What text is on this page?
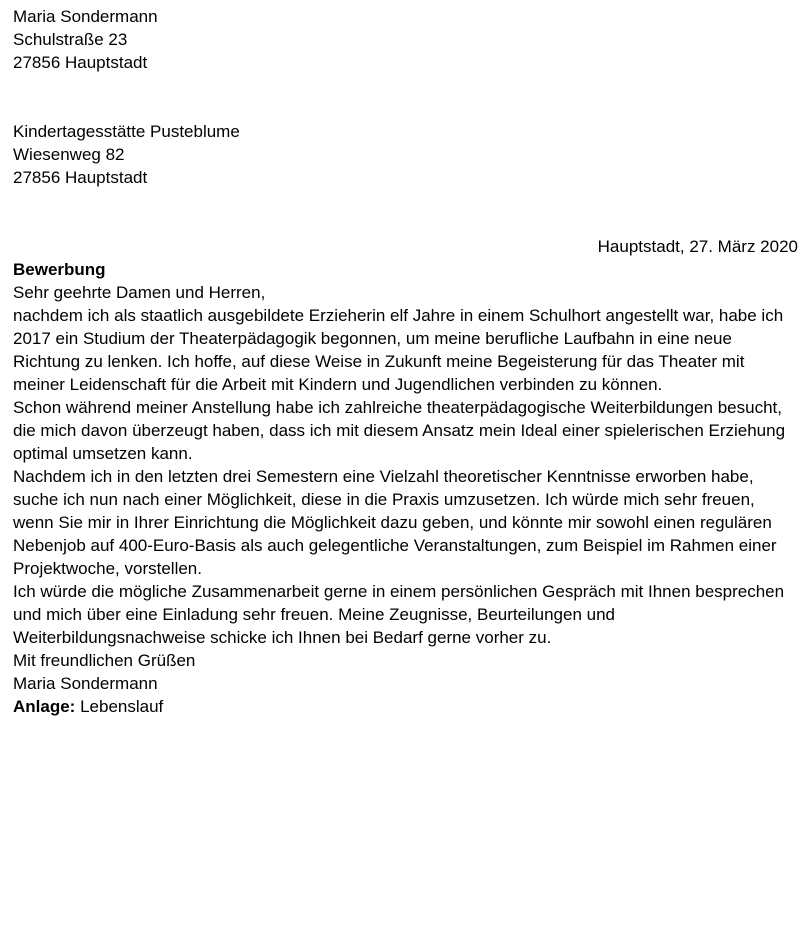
Maria Sondermann
Schulstraße 23
27856 Hauptstadt
Kindertagesstätte Pusteblume
Wiesenweg 82
27856 Hauptstadt

Hauptstadt, 27. März 2020

Bewerbung

Sehr geehrte Damen und Herren,

nachdem ich als staatlich ausgebildete Erzieherin elf Jahre in einem Schulhort angestellt war, habe ich 2017 ein Studium der Theaterpädagogik begonnen, um meine berufliche Laufbahn in eine neue Richtung zu lenken. Ich hoffe, auf diese Weise in Zukunft meine Begeisterung für das Theater mit meiner Leidenschaft für die Arbeit mit Kindern und Jugendlichen verbinden zu können.

Schon während meiner Anstellung habe ich zahlreiche theaterpädagogische Weiterbildungen besucht, die mich davon überzeugt haben, dass ich mit diesem Ansatz mein Ideal einer spielerischen Erziehung optimal umsetzen kann.

Nachdem ich in den letzten drei Semestern eine Vielzahl theoretischer Kenntnisse erworben habe, suche ich nun nach einer Möglichkeit, diese in die Praxis umzusetzen. Ich würde mich sehr freuen, wenn Sie mir in Ihrer Einrichtung die Möglichkeit dazu geben, und könnte mir sowohl einen regulären Nebenjob auf 400-Euro-Basis als auch gelegentliche Veranstaltungen, zum Beispiel im Rahmen einer Projektwoche, vorstellen.

Ich würde die mögliche Zusammenarbeit gerne in einem persönlichen Gespräch mit Ihnen besprechen und mich über eine Einladung sehr freuen. Meine Zeugnisse, Beurteilungen und Weiterbildungsnachweise schicke ich Ihnen bei Bedarf gerne vorher zu.

Mit freundlichen Grüßen

Maria Sondermann

Anlage: Lebenslauf
